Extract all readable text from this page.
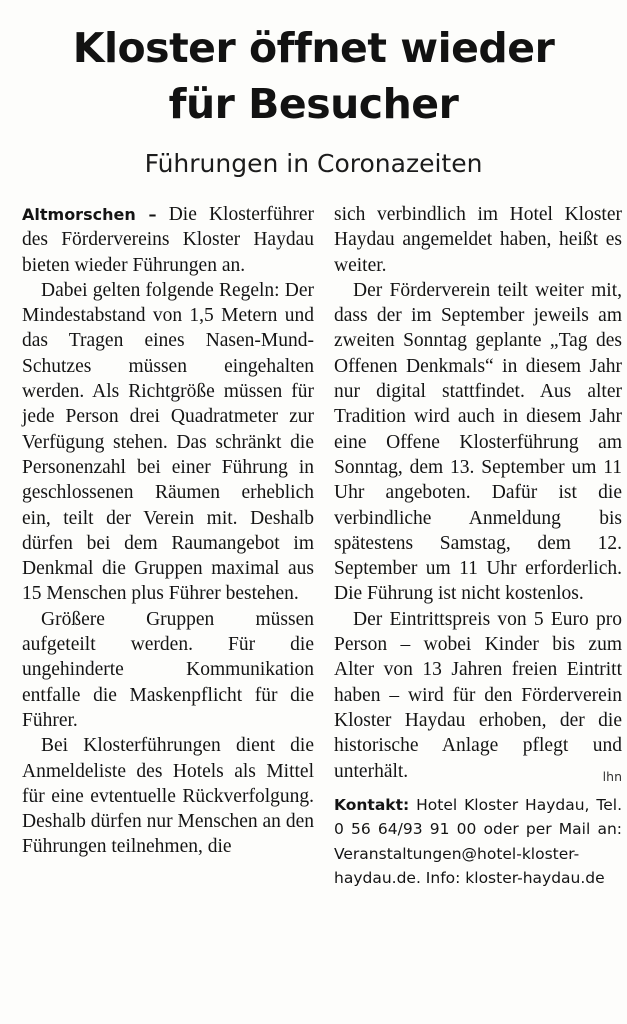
Kloster öffnet wieder
für Besucher
Führungen in Coronazeiten

Altmorschen – Die Klosterführer des Fördervereins Kloster Haydau bieten wieder Führungen an.

Dabei gelten folgende Regeln: Der Mindestabstand von 1,5 Metern und das Tragen eines Nasen-Mund-Schutzes müssen eingehalten werden. Als Richtgröße müssen für jede Person drei Quadratmeter zur Verfügung stehen. Das schränkt die Personenzahl bei einer Führung in geschlossenen Räumen erheblich ein, teilt der Verein mit. Deshalb dürfen bei dem Raumangebot im Denkmal die Gruppen maximal aus 15 Menschen plus Führer bestehen.

Größere Gruppen müssen aufgeteilt werden. Für die ungehinderte Kommunikation entfalle die Maskenpflicht für die Führer.

Bei Klosterführungen dient die Anmeldeliste des Hotels als Mittel für eine evtentuelle Rückverfolgung. Deshalb dürfen nur Menschen an den Führungen teilnehmen, die

sich verbindlich im Hotel Kloster Haydau angemeldet haben, heißt es weiter.

Der Förderverein teilt weiter mit, dass der im September jeweils am zweiten Sonntag geplante „Tag des Offenen Denkmals“ in diesem Jahr nur digital stattfindet. Aus alter Tradition wird auch in diesem Jahr eine Offene Klosterführung am Sonntag, dem 13. September um 11 Uhr angeboten. Dafür ist die verbindliche Anmeldung bis spätestens Samstag, dem 12. September um 11 Uhr erforderlich. Die Führung ist nicht kostenlos.

Der Eintrittspreis von 5 Euro pro Person – wobei Kinder bis zum Alter von 13 Jahren freien Eintritt haben – wird für den Förderverein Kloster Haydau erhoben, der die historische Anlage pflegt und unterhält.	lhn

Kontakt: Hotel Kloster Haydau, Tel. 0 56 64/93 91 00 oder per Mail an: Veranstaltungen@hotel-kloster-haydau.de. Info: kloster-haydau.de
